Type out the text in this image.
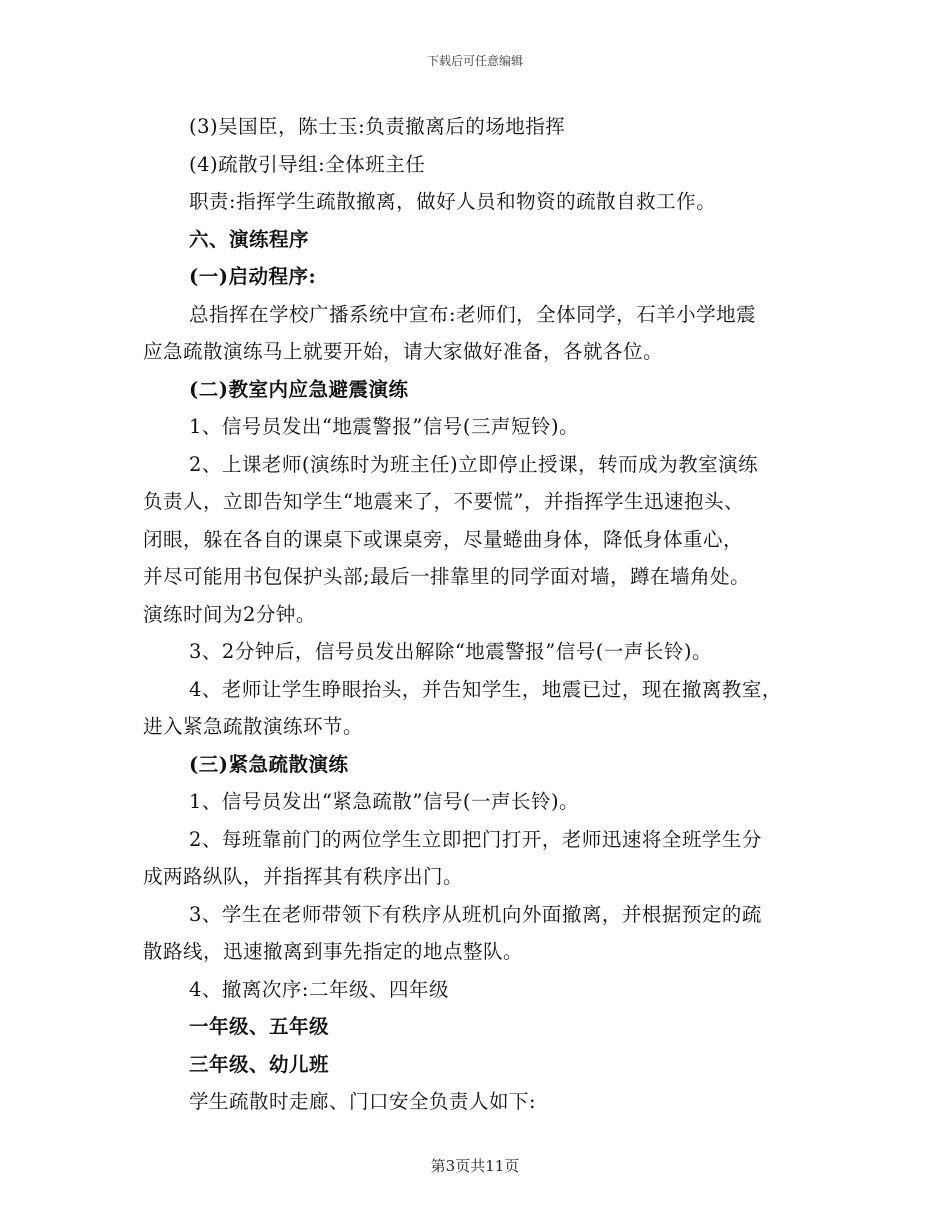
下载后可任意编辑
(3)吴国臣，陈士玉:负责撤离后的场地指挥
(4)疏散引导组:全体班主任
职责:指挥学生疏散撤离，做好人员和物资的疏散自救工作。
六、演练程序
(一)启动程序:
总指挥在学校广播系统中宣布:老师们，全体同学，石羊小学地震
应急疏散演练马上就要开始，请大家做好准备，各就各位。
(二)教室内应急避震演练
1、信号员发出“地震警报”信号(三声短铃)。
2、上课老师(演练时为班主任)立即停止授课，转而成为教室演练
负责人，立即告知学生“地震来了，不要慌”，并指挥学生迅速抱头、
闭眼，躲在各自的课桌下或课桌旁，尽量蜷曲身体，降低身体重心，
并尽可能用书包保护头部;最后一排靠里的同学面对墙，蹲在墙角处。
演练时间为2分钟。
3、2分钟后，信号员发出解除“地震警报”信号(一声长铃)。
4、老师让学生睁眼抬头，并告知学生，地震已过，现在撤离教室，
进入紧急疏散演练环节。
(三)紧急疏散演练
1、信号员发出“紧急疏散”信号(一声长铃)。
2、每班靠前门的两位学生立即把门打开，老师迅速将全班学生分
成两路纵队，并指挥其有秩序出门。
3、学生在老师带领下有秩序从班机向外面撤离，并根据预定的疏
散路线，迅速撤离到事先指定的地点整队。
4、撤离次序:二年级、四年级
一年级、五年级
三年级、幼儿班
学生疏散时走廊、门口安全负责人如下:
第3页共11页
